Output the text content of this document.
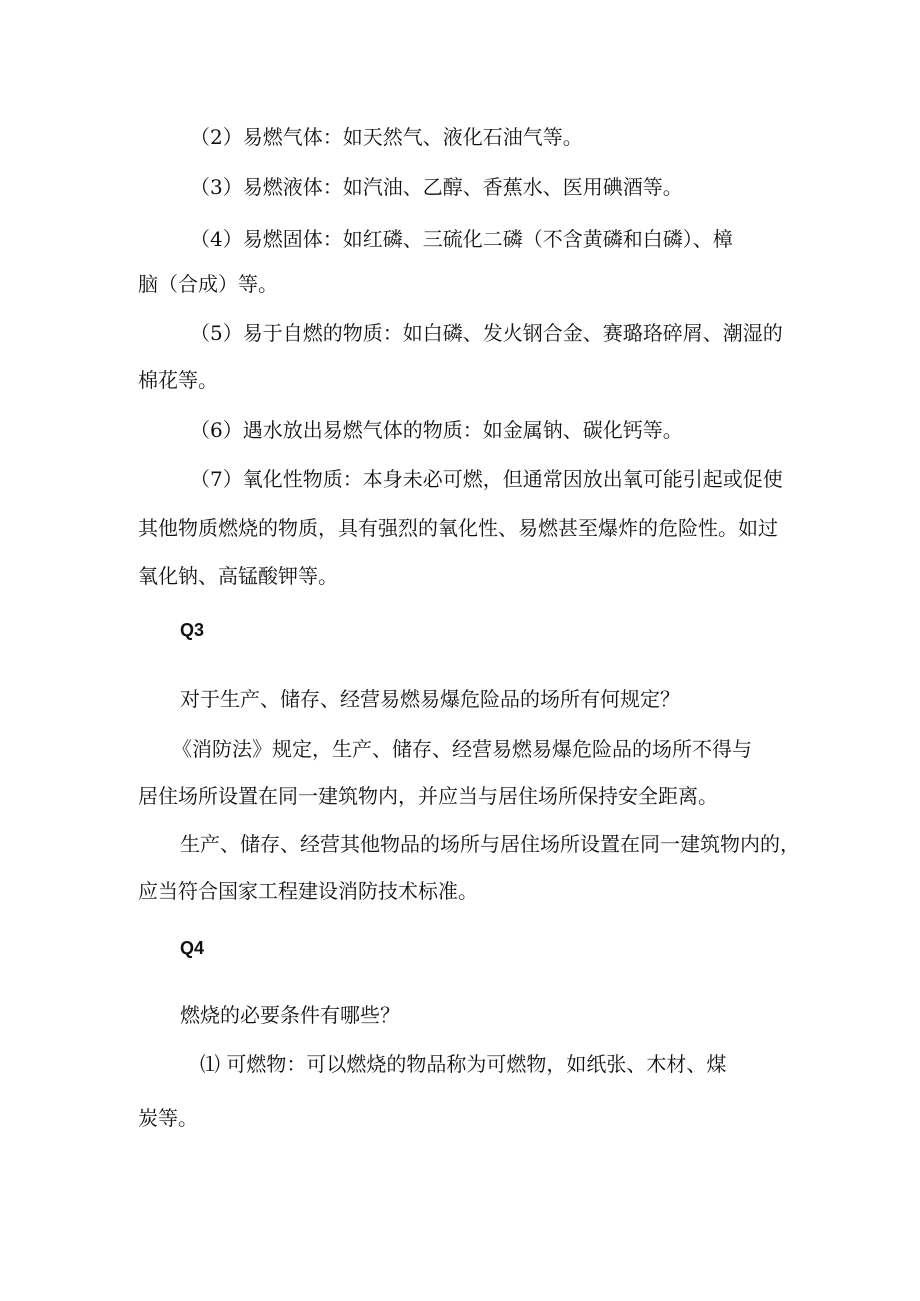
（2）易燃气体：如天然气、液化石油气等。
（3）易燃液体：如汽油、乙醇、香蕉水、医用碘酒等。
（4）易燃固体：如红磷、三硫化二磷（不含黄磷和白磷）、樟
脑（合成）等。
（5）易于自燃的物质：如白磷、发火钢合金、赛璐珞碎屑、潮湿的
棉花等。
（6）遇水放出易燃气体的物质：如金属钠、碳化钙等。
（7）氧化性物质：本身未必可燃，但通常因放出氧可能引起或促使
其他物质燃烧的物质，具有强烈的氧化性、易燃甚至爆炸的危险性。如过
氧化钠、高锰酸钾等。
Q3
对于生产、储存、经营易燃易爆危险品的场所有何规定？
《消防法》规定，生产、储存、经营易燃易爆危险品的场所不得与
居住场所设置在同一建筑物内，并应当与居住场所保持安全距离。
生产、储存、经营其他物品的场所与居住场所设置在同一建筑物内的，
应当符合国家工程建设消防技术标准。
Q4
燃烧的必要条件有哪些？
⑴ 可燃物：可以燃烧的物品称为可燃物，如纸张、木材、煤
炭等。
